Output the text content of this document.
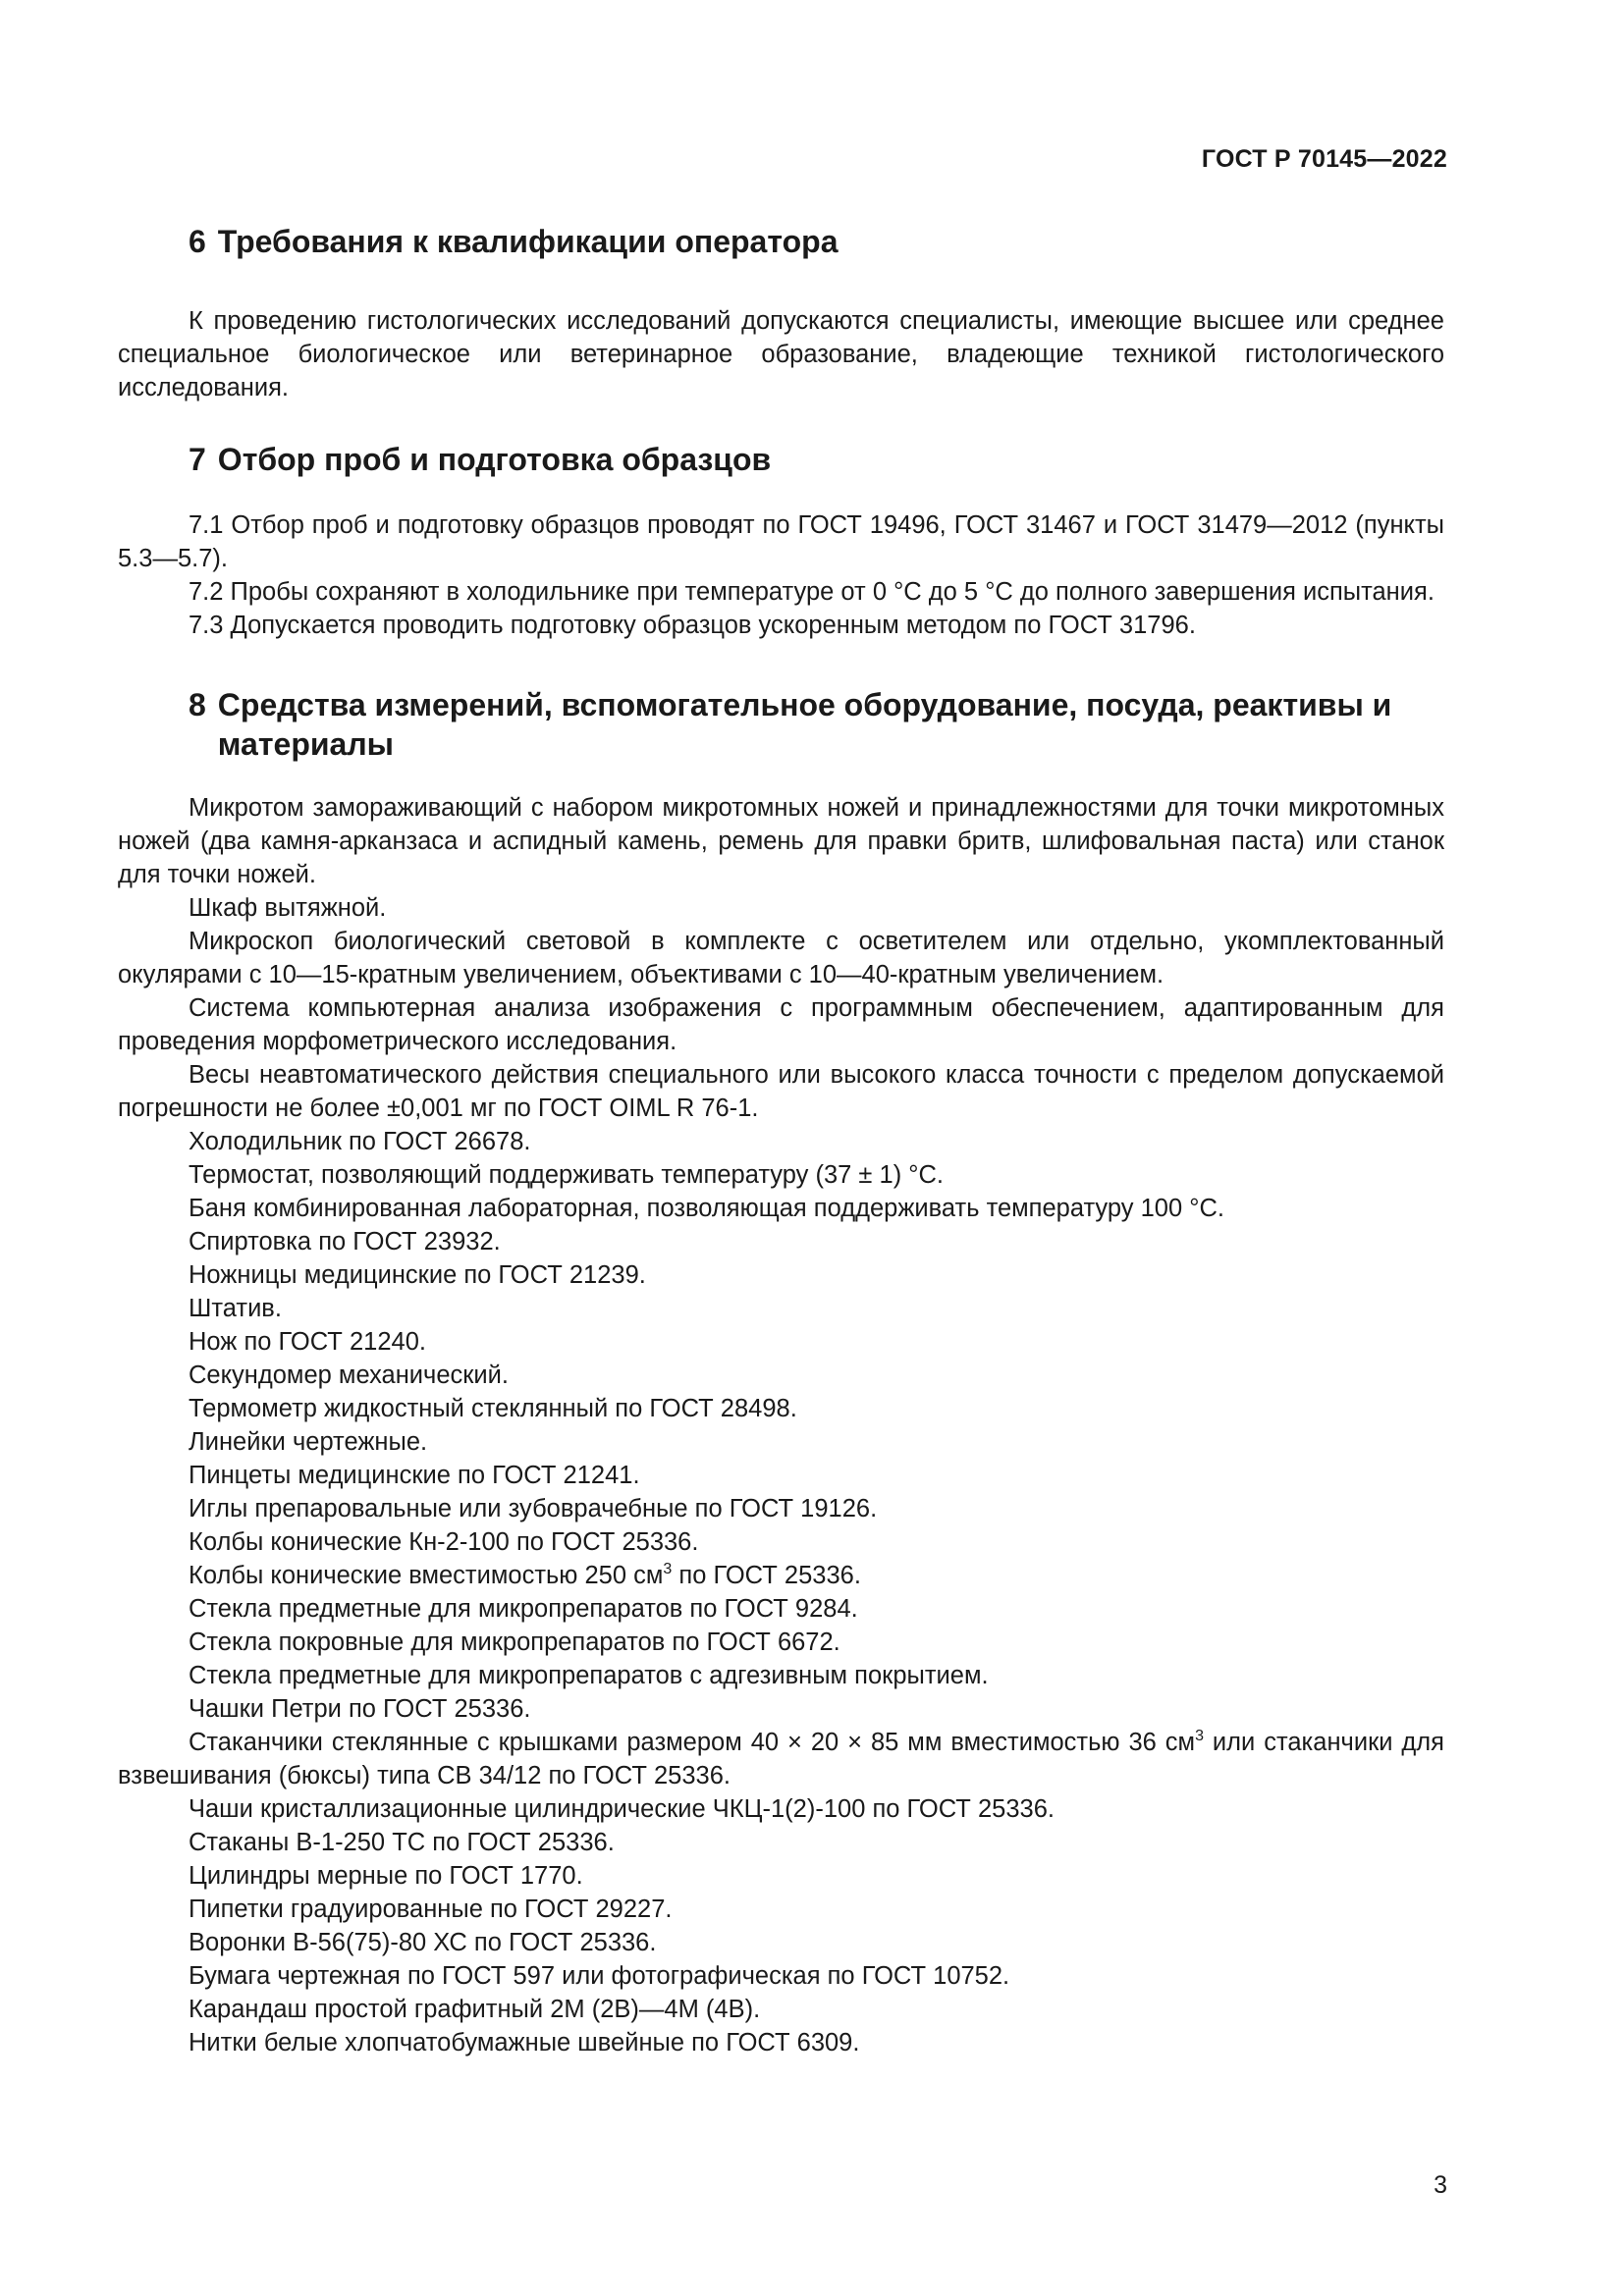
ГОСТ Р 70145—2022
6 Требования к квалификации оператора

К проведению гистологических исследований допускаются специалисты, имеющие высшее или среднее специальное биологическое или ветеринарное образование, владеющие техникой гистологического исследования.

7 Отбор проб и подготовка образцов

7.1 Отбор проб и подготовку образцов проводят по ГОСТ 19496, ГОСТ 31467 и ГОСТ 31479—2012 (пункты 5.3—5.7).

7.2 Пробы сохраняют в холодильнике при температуре от 0 °С до 5 °С до полного завершения испытания.

7.3 Допускается проводить подготовку образцов ускоренным методом по ГОСТ 31796.

8 Средства измерений, вспомогательное оборудование, посуда, реактивы и материалы

Микротом замораживающий с набором микротомных ножей и принадлежностями для точки микротомных ножей (два камня-арканзаса и аспидный камень, ремень для правки бритв, шлифовальная паста) или станок для точки ножей.

Шкаф вытяжной.

Микроскоп биологический световой в комплекте с осветителем или отдельно, укомплектованный окулярами с 10—15-кратным увеличением, объективами с 10—40-кратным увеличением.

Система компьютерная анализа изображения с программным обеспечением, адаптированным для проведения морфометрического исследования.

Весы неавтоматического действия специального или высокого класса точности с пределом допускаемой погрешности не более ±0,001 мг по ГОСТ OIML R 76-1.

Холодильник по ГОСТ 26678.

Термостат, позволяющий поддерживать температуру (37 ± 1) °С.

Баня комбинированная лабораторная, позволяющая поддерживать температуру 100 °С.

Спиртовка по ГОСТ 23932.

Ножницы медицинские по ГОСТ 21239.

Штатив.

Нож по ГОСТ 21240.

Секундомер механический.

Термометр жидкостный стеклянный по ГОСТ 28498.

Линейки чертежные.

Пинцеты медицинские по ГОСТ 21241.

Иглы препаровальные или зубоврачебные по ГОСТ 19126.

Колбы конические Кн-2-100 по ГОСТ 25336.

Колбы конические вместимостью 250 $см^3$ по ГОСТ 25336.

Стекла предметные для микропрепаратов по ГОСТ 9284.

Стекла покровные для микропрепаратов по ГОСТ 6672.

Стекла предметные для микропрепаратов с адгезивным покрытием.

Чашки Петри по ГОСТ 25336.

Стаканчики стеклянные с крышками размером 40 × 20 × 85 мм вместимостью 36 $см^3$ или стаканчики для взвешивания (бюксы) типа СВ 34/12 по ГОСТ 25336.

Чаши кристаллизационные цилиндрические ЧКЦ-1(2)-100 по ГОСТ 25336.

Стаканы В-1-250 ТС по ГОСТ 25336.

Цилиндры мерные по ГОСТ 1770.

Пипетки градуированные по ГОСТ 29227.

Воронки В-56(75)-80 ХС по ГОСТ 25336.

Бумага чертежная по ГОСТ 597 или фотографическая по ГОСТ 10752.

Карандаш простой графитный 2М (2В)—4М (4В).

Нитки белые хлопчатобумажные швейные по ГОСТ 6309.

3
